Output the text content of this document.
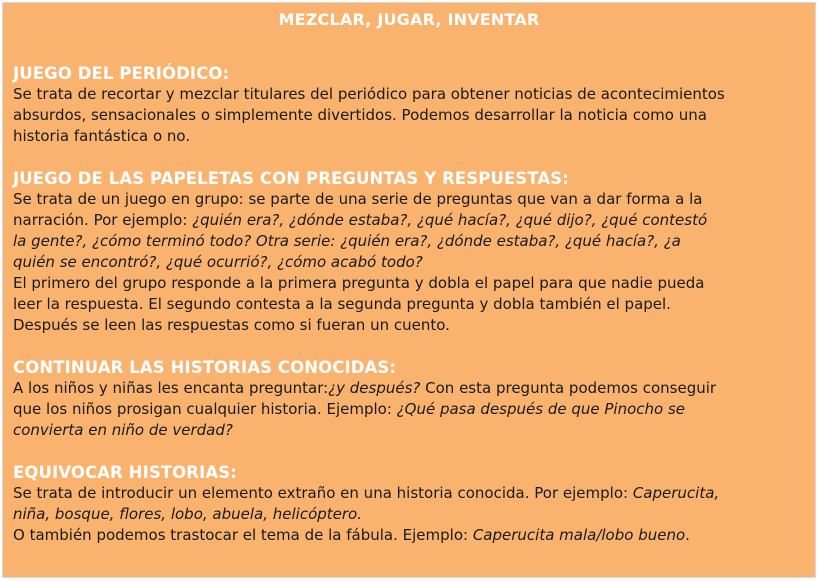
MEZCLAR, JUGAR, INVENTAR
JUEGO DEL PERIÓDICO:
Se trata de recortar y mezclar titulares del periódico para obtener noticias de acontecimientos
absurdos, sensacionales o simplemente divertidos. Podemos desarrollar la noticia como una
historia fantástica o no.
JUEGO DE LAS PAPELETAS CON PREGUNTAS Y RESPUESTAS:
Se trata de un juego en grupo: se parte de una serie de preguntas que van a dar forma a la
narración. Por ejemplo: ¿quién era?, ¿dónde estaba?, ¿qué hacía?, ¿qué dijo?, ¿qué contestó
la gente?, ¿cómo terminó todo? Otra serie: ¿quién era?, ¿dónde estaba?, ¿qué hacía?, ¿a
quién se encontró?, ¿qué ocurrió?, ¿cómo acabó todo?
El primero del grupo responde a la primera pregunta y dobla el papel para que nadie pueda
leer la respuesta. El segundo contesta a la segunda pregunta y dobla también el papel.
Después se leen las respuestas como si fueran un cuento.
CONTINUAR LAS HISTORIAS CONOCIDAS:
A los niños y niñas les encanta preguntar:¿y después? Con esta pregunta podemos conseguir
que los niños prosigan cualquier historia. Ejemplo: ¿Qué pasa después de que Pinocho se
convierta en niño de verdad?
EQUIVOCAR HISTORIAS:
Se trata de introducir un elemento extraño en una historia conocida. Por ejemplo: Caperucita,
niña, bosque, flores, lobo, abuela, helicóptero.
O también podemos trastocar el tema de la fábula. Ejemplo: Caperucita mala/lobo bueno.
